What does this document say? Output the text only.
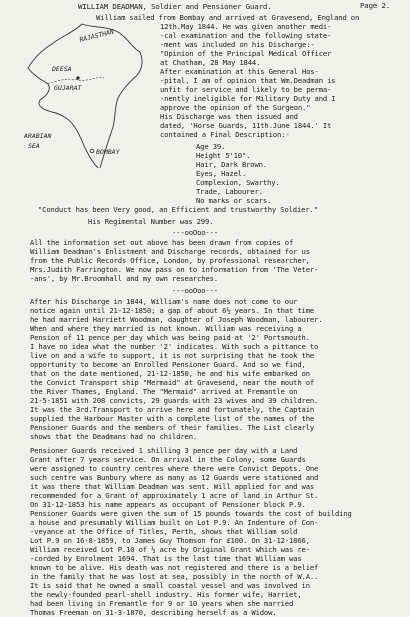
WILLIAM DEADMAN, Soldier and Pensioner Guard.	Page 2.
RAJASTHAN
DEESA
GUJARAT
ARABIAN
SEA
BOMBAY
William sailed from Bombay and arrived at Gravesend, England on
12th.May 1844. He was given another medi-
-cal examination and the following state-
-ment was included on his Discharge:-
"Opinion of the Principal Medical Officer
at Chatham, 28 May 1844.
After examination at this General Hos-
-pital, I am of opinion that Wm.Deadman is
unfit for service and likely to be perma-
-nently ineligible for Military Duty and I
approve the opinion of the Surgeon."
His Discharge was then issued and
dated, 'Horse Guards, 11th.June 1844.' It
contained a Final Description:-
Age 39.
Height 5'10".
Hair, Dark Brown.
Eyes, Hazel.
Complexion, Swarthy.
Trade, Labourer.
No marks or scars.
"Conduct has been Very good, an Efficient and trustworthy Soldier."
His Regimental Number was 299.
---ooOoo---
All the information set out above has been drawn from copies of
William Deadman's Enlistment and Discharge records, obtained for us
from the Public Records Office, London, by professional researcher,
Mrs.Judith Farrington. We now pass on to information from 'The Veter-
-ans', by Mr.Broomhall and my own researches.
---ooOoo---
After his Discharge in 1844, William's name does not come to our
notice again until 21-12-1850; a gap of about 6½ years. In that time
he had married Harriett Woodman, daughter of Joseph Woodman, labourer.
When and where they married is not known. William was receiving a
Pension of 11 pence per day which was being paid at '2' Portsmouth.
I have no idea what the number '2' indicates. With such a pittance to
live on and a wife to support, it is not surprising that he took the
opportunity to become an Enrolled Pensioner Guard. And so we find,
that on the date mentioned, 21-12-1850, he and his wife embarked on
the Convict Transport ship "Mermaid" at Gravesend, near the mouth of
the River Thames, England. The "Mermaid" arrived at Fremantle on
21-5-1851 with 208 convicts, 29 guards with 23 wives and 39 children.
It was the 3rd.Transport to arrive here and fortunately, the Captain
supplied the Harbour Master with a complete list of the names of the
Pensioner Guards and the members of their families. The List clearly
shows that the Deadmans had no children.
Pensioner Guards received 1 shilling 3 pence per day with a Land
Grant after 7 years service. On arrival in the Colony, some Guards
were assigned to country centres where there were Convict Depots. One
such centre was Bunbury where as many as 12 Guards were stationed and
it was there that William Deadman was sent. Will applied for and was
recommended for a Grant of approximately 1 acre of land in Arthur St.
On 31-12-1853 his name appears as occupant of Pensioner block P.9.
Pensioner Guards were given the sum of 15 pounds towards the cost of building
a house and presumably William built on Lot P.9. An Indenture of Con-
-veyance at the Office of Titles, Perth, shows that William sold
Lot P.9 on 16-8-1859, to James Guy Thomson for £100. On 31-12-1866,
William received Lot P.10 of ½ acre by Original Grant which was re-
-corded by Enrolment 1694. That is the last time that William was
known to be alive. His death was not registered and there is a belief
in the family that he was lost at sea, possibly in the north of W.A..
It is said that he owned a small coastal vessel and was involved in
the newly-founded pearl-shell industry. His former wife, Harriet,
had been living in Fremantle for 9 or 10 years when she married
Thomas Freeman on 31-3-1870, describing herself as a Widow.
